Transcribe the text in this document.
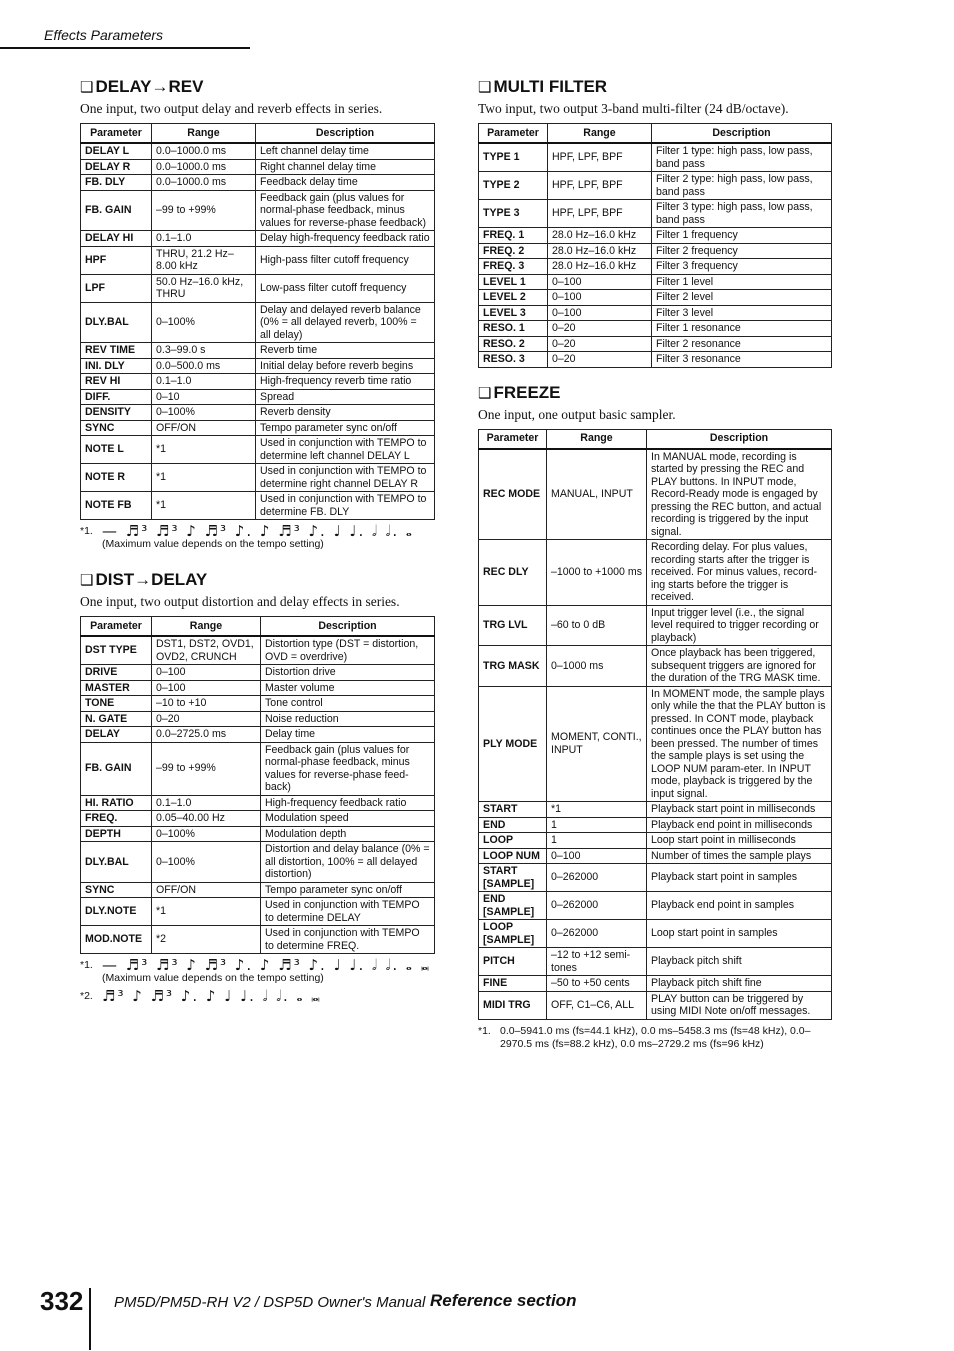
Effects Parameters
❑ DELAY→REV
One input, two output delay and reverb effects in series.
Parameter	Range	Description
DELAY L	0.0–1000.0 ms	Left channel delay time
DELAY R	0.0–1000.0 ms	Right channel delay time
FB. DLY	0.0–1000.0 ms	Feedback delay time
FB. GAIN	–99 to +99%	Feedback gain (plus values for normal-phase feedback, minus values for reverse-phase feedback)
DELAY HI	0.1–1.0	Delay high-frequency feedback ratio
HPF	THRU, 21.2 Hz–8.00 kHz	High-pass filter cutoff frequency
LPF	50.0 Hz–16.0 kHz, THRU	Low-pass filter cutoff frequency
DLY.BAL	0–100%	Delay and delayed reverb balance (0% = all delayed reverb, 100% = all delay)
REV TIME	0.3–99.0 s	Reverb time
INI. DLY	0.0–500.0 ms	Initial delay before reverb begins
REV HI	0.1–1.0	High-frequency reverb time ratio
DIFF.	0–10	Spread
DENSITY	0–100%	Reverb density
SYNC	OFF/ON	Tempo parameter sync on/off
NOTE L	*1	Used in conjunction with TEMPO to determine left channel DELAY L
NOTE R	*1	Used in conjunction with TEMPO to determine right channel DELAY R
NOTE FB	*1	Used in conjunction with TEMPO to determine FB. DLY
*1. — ♬³ ♬³ ♪ ♬³ ♪. ♪ ♬³ ♪. ♩ ♩. 𝅗𝅥 𝅗𝅥. 𝅝
(Maximum value depends on the tempo setting)
❑ DIST→DELAY
One input, two output distortion and delay effects in series.
Parameter	Range	Description
DST TYPE	DST1, DST2, OVD1, OVD2, CRUNCH	Distortion type (DST = distortion, OVD = overdrive)
DRIVE	0–100	Distortion drive
MASTER	0–100	Master volume
TONE	–10 to +10	Tone control
N. GATE	0–20	Noise reduction
DELAY	0.0–2725.0 ms	Delay time
FB. GAIN	–99 to +99%	Feedback gain (plus values for normal-phase feedback, minus values for reverse-phase feed-back)
HI. RATIO	0.1–1.0	High-frequency feedback ratio
FREQ.	0.05–40.00 Hz	Modulation speed
DEPTH	0–100%	Modulation depth
DLY.BAL	0–100%	Distortion and delay balance (0% = all distortion, 100% = all delayed distortion)
SYNC	OFF/ON	Tempo parameter sync on/off
DLY.NOTE	*1	Used in conjunction with TEMPO to determine DELAY
MOD.NOTE	*2	Used in conjunction with TEMPO to determine FREQ.
*1. — ♬³ ♬³ ♪ ♬³ ♪. ♪ ♬³ ♪. ♩ ♩. 𝅗𝅥 𝅗𝅥. 𝅝 𝅜
(Maximum value depends on the tempo setting)
*2. ♬³ ♪ ♬³ ♪. ♪ ♩ ♩. 𝅗𝅥 𝅗𝅥. 𝅝 𝅜
❑ MULTI FILTER
Two input, two output 3-band multi-filter (24 dB/octave).
Parameter	Range	Description
TYPE 1	HPF, LPF, BPF	Filter 1 type: high pass, low pass, band pass
TYPE 2	HPF, LPF, BPF	Filter 2 type: high pass, low pass, band pass
TYPE 3	HPF, LPF, BPF	Filter 3 type: high pass, low pass, band pass
FREQ. 1	28.0 Hz–16.0 kHz	Filter 1 frequency
FREQ. 2	28.0 Hz–16.0 kHz	Filter 2 frequency
FREQ. 3	28.0 Hz–16.0 kHz	Filter 3 frequency
LEVEL 1	0–100	Filter 1 level
LEVEL 2	0–100	Filter 2 level
LEVEL 3	0–100	Filter 3 level
RESO. 1	0–20	Filter 1 resonance
RESO. 2	0–20	Filter 2 resonance
RESO. 3	0–20	Filter 3 resonance
❑ FREEZE
One input, one output basic sampler.
Parameter	Range	Description
REC MODE	MANUAL, INPUT	In MANUAL mode, recording is started by pressing the REC and PLAY buttons. In INPUT mode, Record-Ready mode is engaged by pressing the REC button, and actual recording is triggered by the input signal.
REC DLY	–1000 to +1000 ms	Recording delay. For plus values, recording starts after the trigger is received. For minus values, record-ing starts before the trigger is received.
TRG LVL	–60 to 0 dB	Input trigger level (i.e., the signal level required to trigger recording or playback)
TRG MASK	0–1000 ms	Once playback has been triggered, subsequent triggers are ignored for the duration of the TRG MASK time.
PLY MODE	MOMENT, CONTI., INPUT	In MOMENT mode, the sample plays only while the that the PLAY button is pressed. In CONT mode, playback continues once the PLAY button has been pressed. The number of times the sample plays is set using the LOOP NUM param-eter. In INPUT mode, playback is triggered by the input signal.
START	*1	Playback start point in milliseconds
END	1	Playback end point in milliseconds
LOOP	1	Loop start point in milliseconds
LOOP NUM	0–100	Number of times the sample plays
START [SAMPLE]	0–262000	Playback start point in samples
END [SAMPLE]	0–262000	Playback end point in samples
LOOP [SAMPLE]	0–262000	Loop start point in samples
PITCH	–12 to +12 semi-tones	Playback pitch shift
FINE	–50 to +50 cents	Playback pitch shift fine
MIDI TRG	OFF, C1–C6, ALL	PLAY button can be triggered by using MIDI Note on/off messages.
*1. 0.0–5941.0 ms (fs=44.1 kHz), 0.0 ms–5458.3 ms (fs=48 kHz), 0.0–2970.5 ms (fs=88.2 kHz), 0.0 ms–2729.2 ms (fs=96 kHz)
332 PM5D/PM5D-RH V2 / DSP5D Owner's Manual Reference section
